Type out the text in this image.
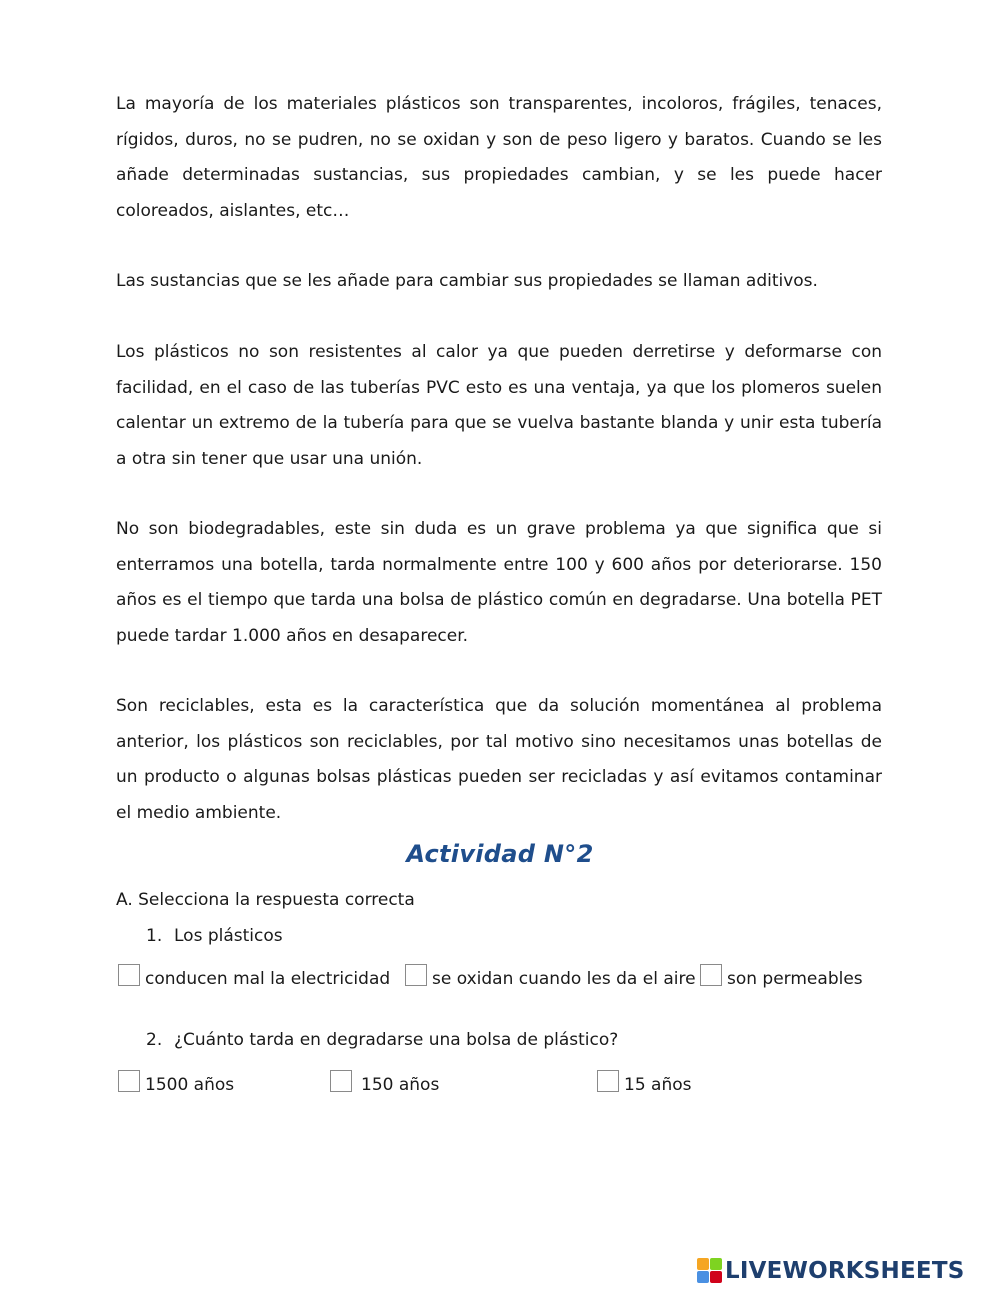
La mayoría de los materiales plásticos son transparentes, incoloros, frágiles, tenaces, rígidos, duros, no se pudren, no se oxidan y son de peso ligero y baratos. Cuando se les añade determinadas sustancias, sus propiedades cambian, y se les puede hacer coloreados, aislantes, etc…

Las sustancias que se les añade para cambiar sus propiedades se llaman aditivos.

Los plásticos no son resistentes al calor ya que pueden derretirse y deformarse con facilidad, en el caso de las tuberías PVC esto es una ventaja, ya que los plomeros suelen calentar un extremo de la tubería para que se vuelva bastante blanda y unir esta tubería a otra sin tener que usar una unión.

No son biodegradables, este sin duda es un grave problema ya que significa que si enterramos una botella, tarda normalmente entre 100 y 600 años por deteriorarse. 150 años es el tiempo que tarda una bolsa de plástico común en degradarse. Una botella PET puede tardar 1.000 años en desaparecer.

Son reciclables, esta es la característica que da solución momentánea al problema anterior, los plásticos son reciclables, por tal motivo sino necesitamos unas botellas de un producto o algunas bolsas plásticas pueden ser recicladas y así evitamos contaminar el medio ambiente.

Actividad N°2
A. Selecciona la respuesta correcta
1. Los plásticos
conducen mal la electricidad se oxidan cuando les da el aire son permeables
2. ¿Cuánto tarda en degradarse una bolsa de plástico?
1500 años	150 años	15 años
LIVEWORKSHEETS
